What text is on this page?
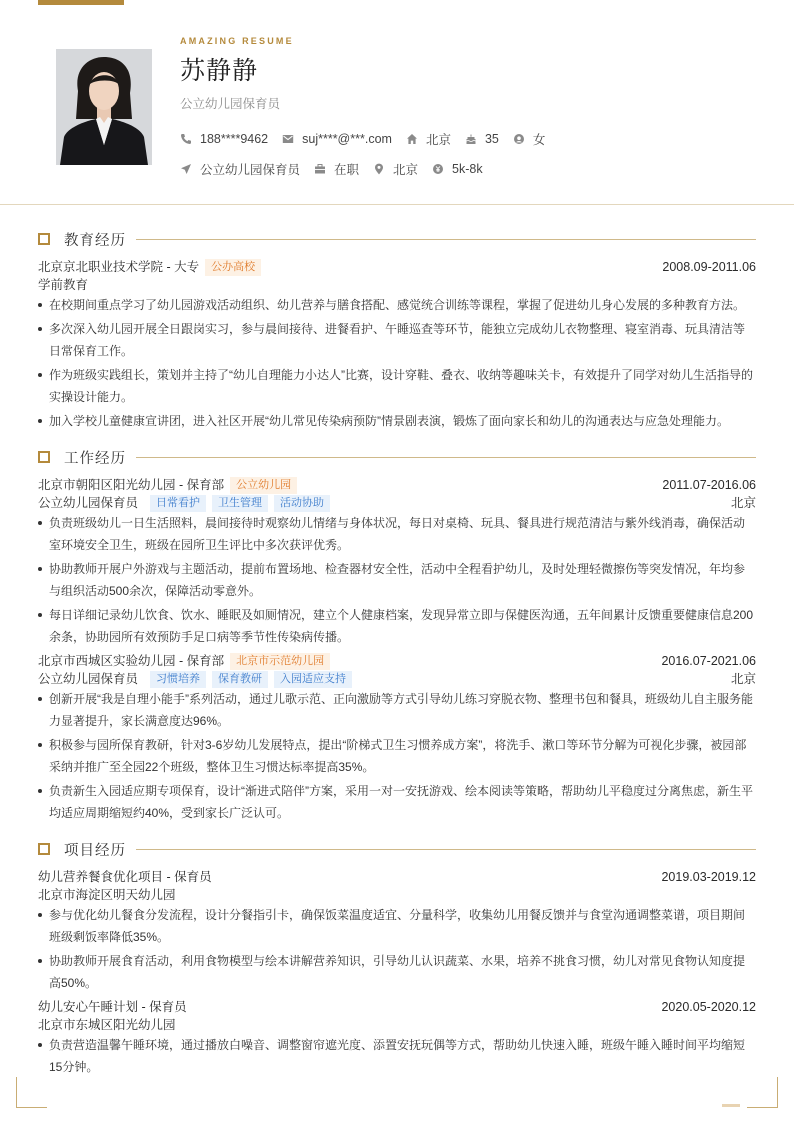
AMAZING RESUME
苏静静
公立幼儿园保育员
188****9462	suj****@***.com	北京	35	女
公立幼儿园保育员	在职	北京	5k-8k
教育经历
北京京北职业技术学院 - 大专	公办高校	2008.09-2011.06
学前教育
在校期间重点学习了幼儿园游戏活动组织、幼儿营养与膳食搭配、感觉统合训练等课程，掌握了促进幼儿身心发展的多种教育方法。
多次深入幼儿园开展全日跟岗实习，参与晨间接待、进餐看护、午睡巡查等环节，能独立完成幼儿衣物整理、寝室消毒、玩具清洁等日常保育工作。
作为班级实践组长，策划并主持了“幼儿自理能力小达人”比赛，设计穿鞋、叠衣、收纳等趣味关卡，有效提升了同学对幼儿生活指导的实操设计能力。
加入学校儿童健康宣讲团，进入社区开展“幼儿常见传染病预防”情景剧表演，锻炼了面向家长和幼儿的沟通表达与应急处理能力。
工作经历
北京市朝阳区阳光幼儿园 - 保育部	公立幼儿园	2011.07-2016.06
公立幼儿园保育员	日常看护	卫生管理	活动协助	北京
负责班级幼儿一日生活照料，晨间接待时观察幼儿情绪与身体状况，每日对桌椅、玩具、餐具进行规范清洁与紫外线消毒，确保活动室环境安全卫生，班级在园所卫生评比中多次获评优秀。
协助教师开展户外游戏与主题活动，提前布置场地、检查器材安全性，活动中全程看护幼儿，及时处理轻微擦伤等突发情况，年均参与组织活动500余次，保障活动零意外。
每日详细记录幼儿饮食、饮水、睡眠及如厕情况，建立个人健康档案，发现异常立即与保健医沟通，五年间累计反馈重要健康信息200余条，协助园所有效预防手足口病等季节性传染病传播。
北京市西城区实验幼儿园 - 保育部	北京市示范幼儿园	2016.07-2021.06
公立幼儿园保育员	习惯培养	保育教研	入园适应支持	北京
创新开展“我是自理小能手”系列活动，通过儿歌示范、正向激励等方式引导幼儿练习穿脱衣物、整理书包和餐具，班级幼儿自主服务能力显著提升，家长满意度达96%。
积极参与园所保育教研，针对3-6岁幼儿发展特点，提出“阶梯式卫生习惯养成方案”，将洗手、漱口等环节分解为可视化步骤，被园部采纳并推广至全园22个班级，整体卫生习惯达标率提高35%。
负责新生入园适应期专项保育，设计“渐进式陪伴”方案，采用一对一安抚游戏、绘本阅读等策略，帮助幼儿平稳度过分离焦虑，新生平均适应周期缩短约40%，受到家长广泛认可。
项目经历
幼儿营养餐食优化项目 - 保育员	2019.03-2019.12
北京市海淀区明天幼儿园
参与优化幼儿餐食分发流程，设计分餐指引卡，确保饭菜温度适宜、分量科学，收集幼儿用餐反馈并与食堂沟通调整菜谱，项目期间班级剩饭率降低35%。
协助教师开展食育活动，利用食物模型与绘本讲解营养知识，引导幼儿认识蔬菜、水果，培养不挑食习惯，幼儿对常见食物认知度提高50%。
幼儿安心午睡计划 - 保育员	2020.05-2020.12
北京市东城区阳光幼儿园
负责营造温馨午睡环境，通过播放白噪音、调整窗帘遮光度、添置安抚玩偶等方式，帮助幼儿快速入睡，班级午睡入睡时间平均缩短15分钟。
